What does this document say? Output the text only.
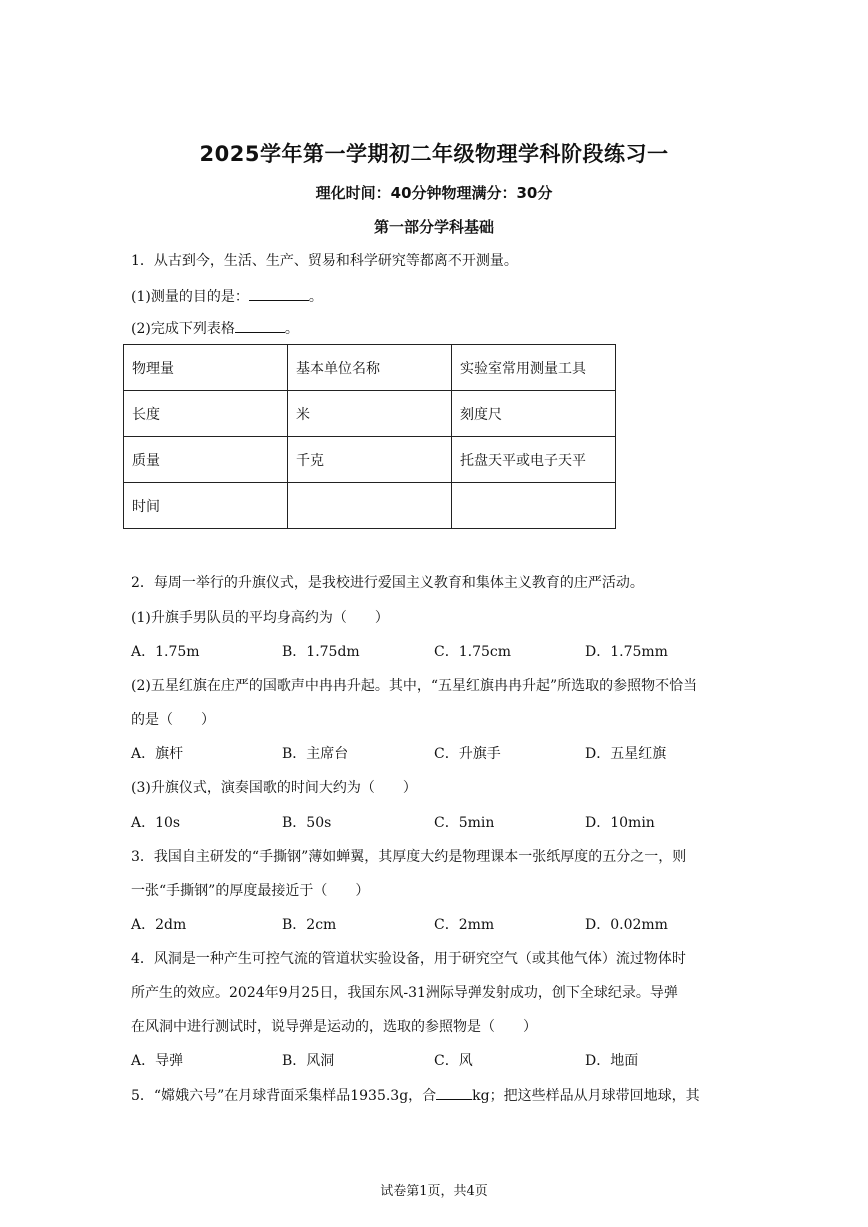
2025学年第一学期初二年级物理学科阶段练习一
理化时间：40分钟物理满分：30分
第一部分学科基础
1．从古到今，生活、生产、贸易和科学研究等都离不开测量。
(1)测量的目的是：	。
(2)完成下列表格	。
物理量	基本单位名称	实验室常用测量工具
长度	米	刻度尺
质量	千克	托盘天平或电子天平
时间		
2．每周一举行的升旗仪式，是我校进行爱国主义教育和集体主义教育的庄严活动。
(1)升旗手男队员的平均身高约为（　　）
A．1.75m	B．1.75dm	C．1.75cm	D．1.75mm
(2)五星红旗在庄严的国歌声中冉冉升起。其中，“五星红旗冉冉升起”所选取的参照物不恰当
的是（　　）
A．旗杆	B．主席台	C．升旗手	D．五星红旗
(3)升旗仪式，演奏国歌的时间大约为（　　）
A．10s	B．50s	C．5min	D．10min
3．我国自主研发的“手撕钢”薄如蝉翼，其厚度大约是物理课本一张纸厚度的五分之一，则
一张“手撕钢”的厚度最接近于（　　）
A．2dm	B．2cm	C．2mm	D．0.02mm
4．风洞是一种产生可控气流的管道状实验设备，用于研究空气（或其他气体）流过物体时
所产生的效应。2024年9月25日，我国东风-31洲际导弹发射成功，创下全球纪录。导弹
在风洞中进行测试时，说导弹是运动的，选取的参照物是（　　）
A．导弹	B．风洞	C．风	D．地面
5．“嫦娥六号”在月球背面采集样品1935.3g，合	kg；把这些样品从月球带回地球，其
试卷第1页，共4页
